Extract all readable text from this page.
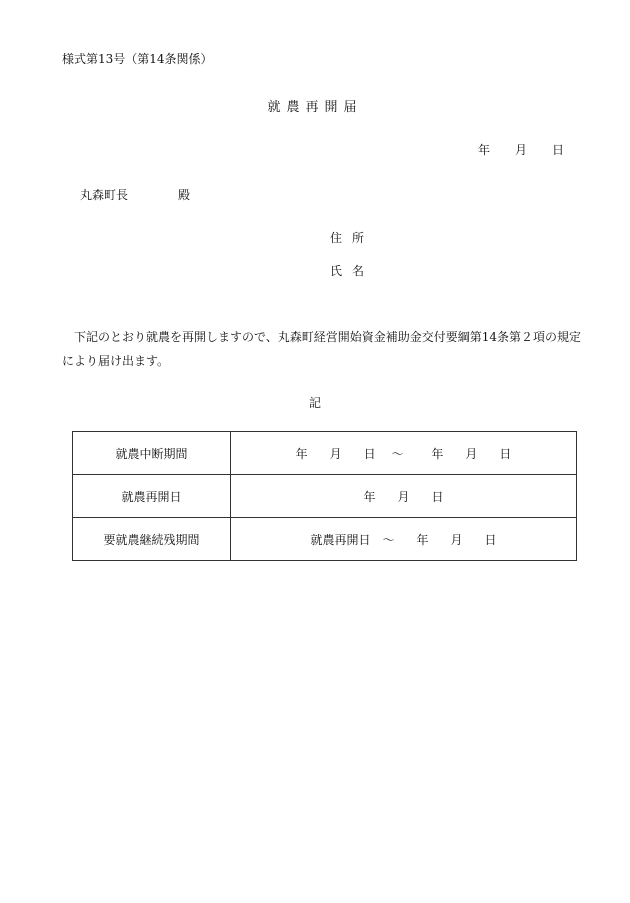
様式第13号（第14条関係）
就農再開届
年 月 日
丸森町長	殿
住所
氏名
下記のとおり就農を再開しますので、丸森町経営開始資金補助金交付要綱第14条第２項の規定により届け出ます。
記
就農中断期間	年 月 日 ～ 年 月 日
就農再開日	年 月 日
要就農継続残期間	就農再開日 ～ 年 月 日
